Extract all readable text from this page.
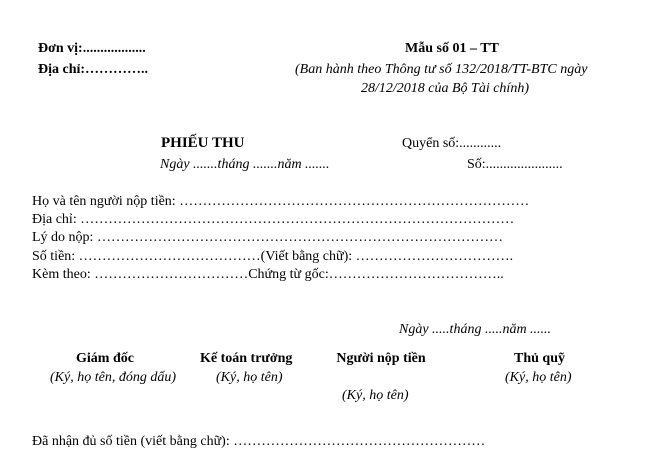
Đơn vị:..................
Địa chỉ:…………..
Mẫu số 01 – TT
(Ban hành theo Thông tư số 132/2018/TT-BTC ngày
28/12/2018 của Bộ Tài chính)
PHIẾU THU	Quyển số:............
Ngày .......tháng .......năm .......	Số:......................
Họ và tên người nộp tiền: …………………………………………………………………
Địa chỉ: …………………………………………………………………………………
Lý do nộp: ……………………………………………………………………………
Số tiền: …………………………………(Viết bằng chữ): …………………………….
Kèm theo: ……………………………Chứng từ gốc:………………………………..
Ngày .....tháng .....năm ......
Giám đốc
(Ký, họ tên, đóng dấu)
Kế toán trưởng
(Ký, họ tên)
Người nộp tiền
(Ký, họ tên)
Thủ quỹ
(Ký, họ tên)
Đã nhận đủ số tiền (viết bằng chữ): ………………………………………………
